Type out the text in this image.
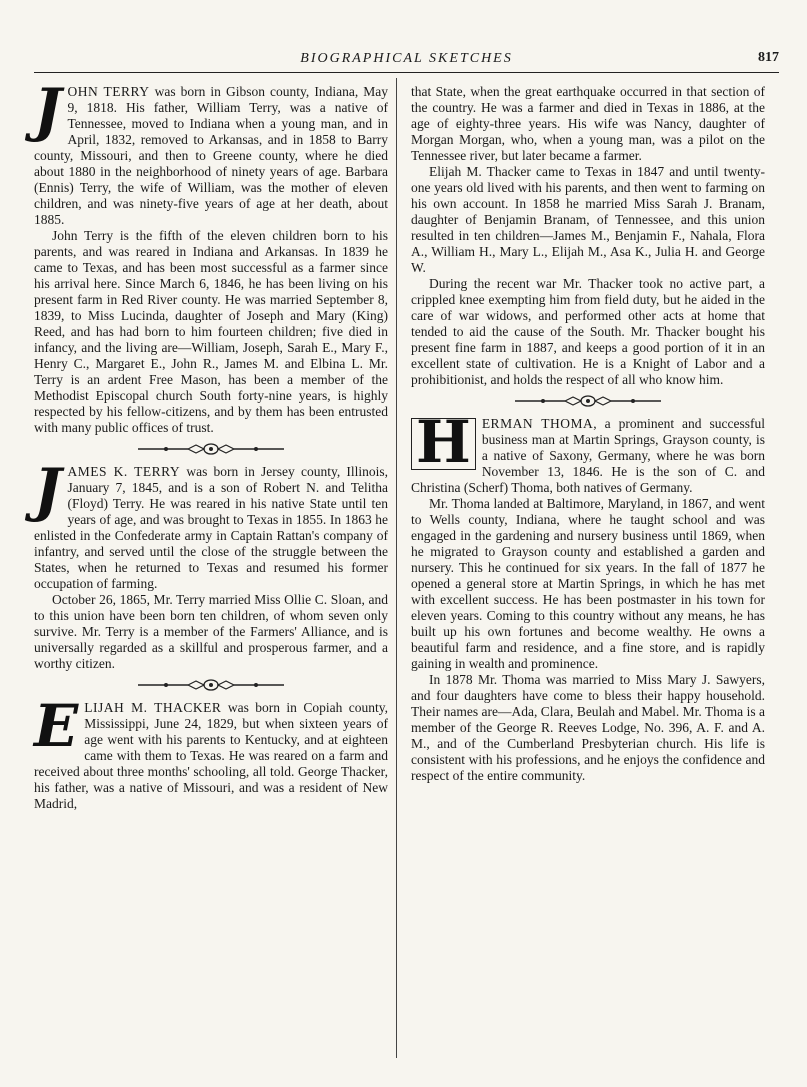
BIOGRAPHICAL SKETCHES	817

JOHN TERRY was born in Gibson county, Indiana, May 9, 1818. His father, William Terry, was a native of Tennessee, moved to Indiana when a young man, and in April, 1832, removed to Arkansas, and in 1858 to Barry county, Missouri, and then to Greene county, where he died about 1880 in the neighborhood of ninety years of age. Barbara (Ennis) Terry, the wife of William, was the mother of eleven children, and was ninety-five years of age at her death, about 1885.

John Terry is the fifth of the eleven children born to his parents, and was reared in Indiana and Arkansas. In 1839 he came to Texas, and has been most successful as a farmer since his arrival here. Since March 6, 1846, he has been living on his present farm in Red River county. He was married September 8, 1839, to Miss Lucinda, daughter of Joseph and Mary (King) Reed, and has had born to him fourteen children; five died in infancy, and the living are—William, Joseph, Sarah E., Mary F., Henry C., Margaret E., John R., James M. and Elbina L. Mr. Terry is an ardent Free Mason, has been a member of the Methodist Episcopal church South forty-nine years, is highly respected by his fellow-citizens, and by them has been entrusted with many public offices of trust.

JAMES K. TERRY was born in Jersey county, Illinois, January 7, 1845, and is a son of Robert N. and Telitha (Floyd) Terry. He was reared in his native State until ten years of age, and was brought to Texas in 1855. In 1863 he enlisted in the Confederate army in Captain Rattan's company of infantry, and served until the close of the struggle between the States, when he returned to Texas and resumed his former occupation of farming.

October 26, 1865, Mr. Terry married Miss Ollie C. Sloan, and to this union have been born ten children, of whom seven only survive. Mr. Terry is a member of the Farmers' Alliance, and is universally regarded as a skillful and prosperous farmer, and a worthy citizen.

ELIJAH M. THACKER was born in Copiah county, Mississippi, June 24, 1829, but when sixteen years of age went with his parents to Kentucky, and at eighteen came with them to Texas. He was reared on a farm and received about three months' schooling, all told. George Thacker, his father, was a native of Missouri, and was a resident of New Madrid,

that State, when the great earthquake occurred in that section of the country. He was a farmer and died in Texas in 1886, at the age of eighty-three years. His wife was Nancy, daughter of Morgan Morgan, who, when a young man, was a pilot on the Tennessee river, but later became a farmer.

Elijah M. Thacker came to Texas in 1847 and until twenty-one years old lived with his parents, and then went to farming on his own account. In 1858 he married Miss Sarah J. Branam, daughter of Benjamin Branam, of Tennessee, and this union resulted in ten children—James M., Benjamin F., Nahala, Flora A., William H., Mary L., Elijah M., Asa K., Julia H. and George W.

During the recent war Mr. Thacker took no active part, a crippled knee exempting him from field duty, but he aided in the care of war widows, and performed other acts at home that tended to aid the cause of the South. Mr. Thacker bought his present fine farm in 1887, and keeps a good portion of it in an excellent state of cultivation. He is a Knight of Labor and a prohibitionist, and holds the respect of all who know him.

H ERMAN THOMA, a prominent and successful business man at Martin Springs, Grayson county, is a native of Saxony, Germany, where he was born November 13, 1846. He is the son of C. and Christina (Scherf) Thoma, both natives of Germany.

Mr. Thoma landed at Baltimore, Maryland, in 1867, and went to Wells county, Indiana, where he taught school and was engaged in the gardening and nursery business until 1869, when he migrated to Grayson county and established a garden and nursery. This he continued for six years. In the fall of 1877 he opened a general store at Martin Springs, in which he has met with excellent success. He has been postmaster in his town for eleven years. Coming to this country without any means, he has built up his own fortunes and become wealthy. He owns a beautiful farm and residence, and a fine store, and is rapidly gaining in wealth and prominence.

In 1878 Mr. Thoma was married to Miss Mary J. Sawyers, and four daughters have come to bless their happy household. Their names are—Ada, Clara, Beulah and Mabel. Mr. Thoma is a member of the George R. Reeves Lodge, No. 396, A. F. and A. M., and of the Cumberland Presbyterian church. His life is consistent with his professions, and he enjoys the confidence and respect of the entire community.
